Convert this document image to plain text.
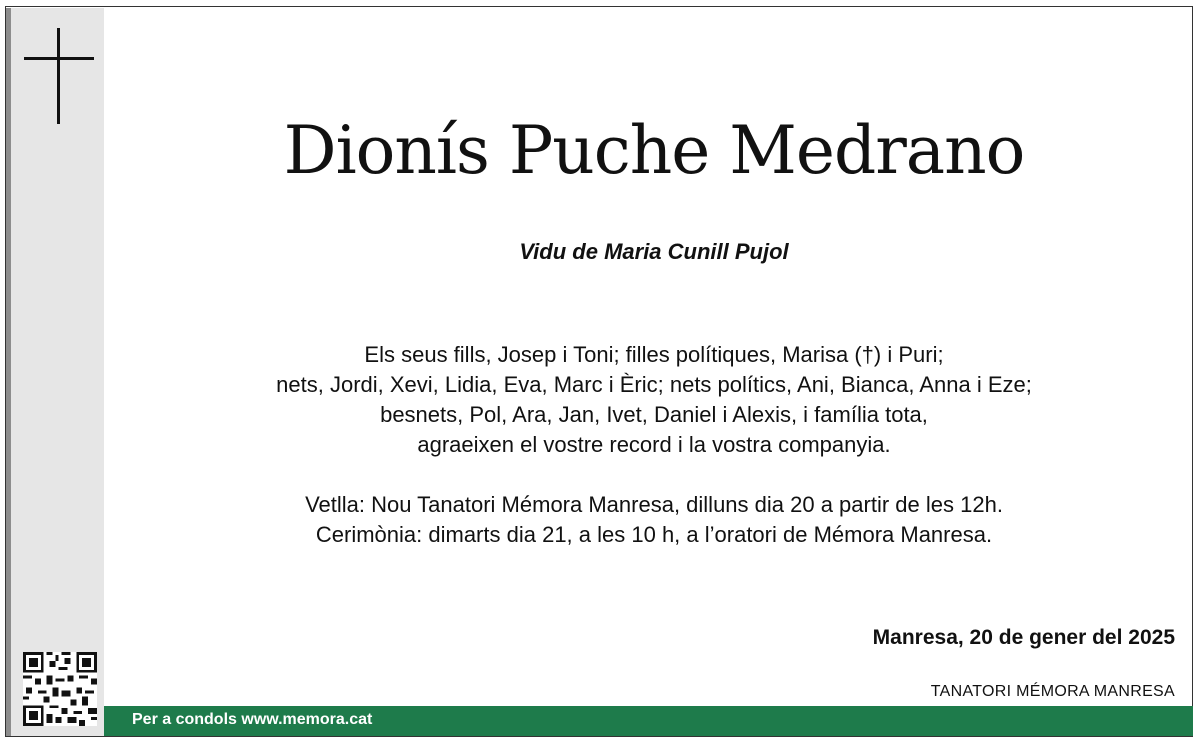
Dionís Puche Medrano
Vidu de Maria Cunill Pujol
Els seus fills, Josep i Toni; filles polítiques, Marisa (†) i Puri;
nets, Jordi, Xevi, Lidia, Eva, Marc i Èric; nets polítics, Ani, Bianca, Anna i Eze;
besnets, Pol, Ara, Jan, Ivet, Daniel i Alexis, i família tota,
agraeixen el vostre record i la vostra companyia.
Vetlla: Nou Tanatori Mémora Manresa, dilluns dia 20 a partir de les 12h.
Cerimònia: dimarts dia 21, a les 10 h, a l’oratori de Mémora Manresa.
Manresa, 20 de gener del 2025
TANATORI MÉMORA MANRESA
Per a condols www.memora.cat
